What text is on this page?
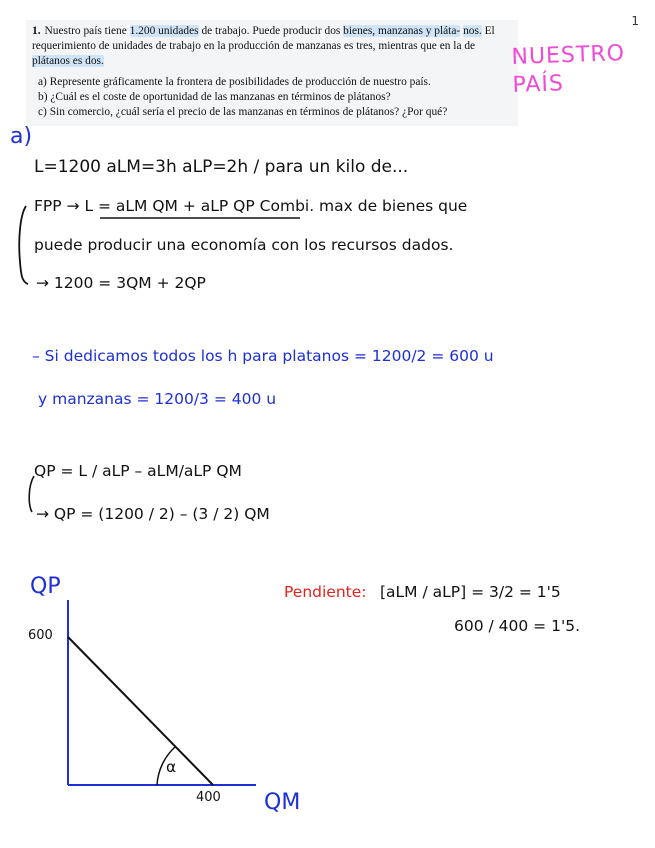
1

1. Nuestro país tiene 1.200 unidades de trabajo. Puede producir dos bienes, manzanas y pláta- nos. El requerimiento de unidades de trabajo en la producción de manzanas es tres, mientras que en la de plátanos es dos.

a) Represente gráficamente la frontera de posibilidades de producción de nuestro país.
b) ¿Cuál es el coste de oportunidad de las manzanas en términos de plátanos?
c) Sin comercio, ¿cuál sería el precio de las manzanas en términos de plátanos? ¿Por qué?
NUESTRO
PAÍS
a)
L=1200 aLM=3h aLP=2h / para un kilo de...
FPP → L = aLM QM + aLP QP Combi. max de bienes que
puede producir una economía con los recursos dados.
→ 1200 = 3QM + 2QP
– Si dedicamos todos los h para platanos = 1200/2 = 600 u
y manzanas = 1200/3 = 400 u
QP = L / aLP – aLM/aLP QM
→ QP = (1200 / 2) – (3 / 2) QM
QP
600
400 QM
α
Pendiente: [aLM / aLP] = 3/2 = 1'5
600 / 400 = 1'5.
